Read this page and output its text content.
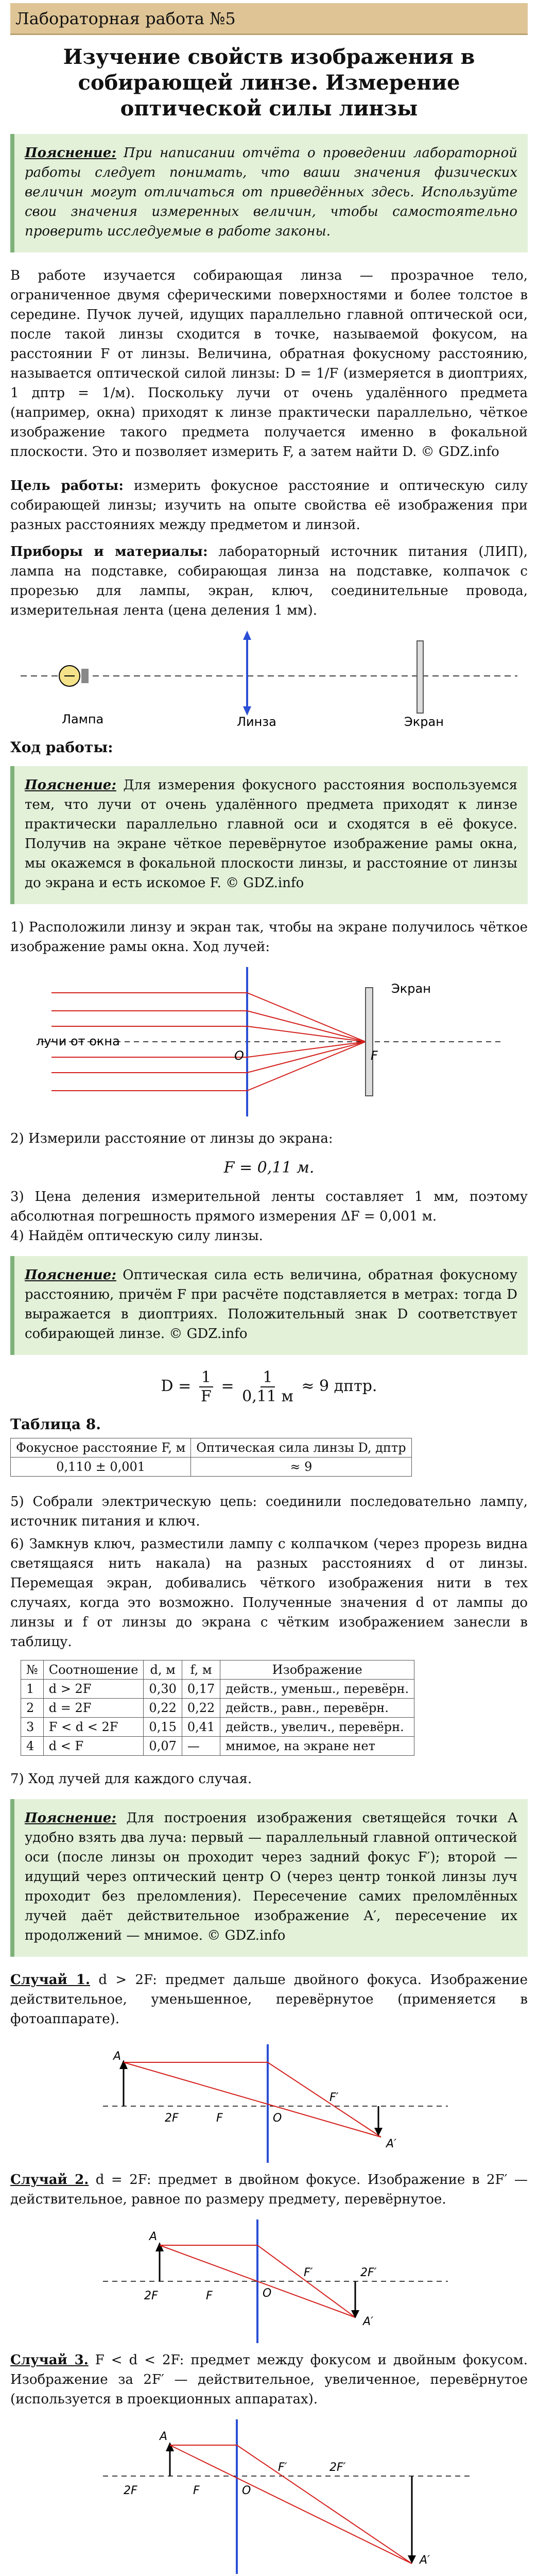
Лабораторная работа №5
Изучение свойств изображения в собирающей линзе. Измерение оптической силы линзы

Пояснение: При написании отчёта о проведении лабораторной работы следует понимать, что ваши значения физических величин могут отличаться от приведённых здесь. Используйте свои значения измеренных величин, чтобы самостоятельно проверить исследуемые в работе законы.

В работе изучается собирающая линза — прозрачное тело, ограниченное двумя сферическими поверхностями и более толстое в середине. Пучок лучей, идущих параллельно главной оптической оси, после такой линзы сходится в точке, называемой фокусом, на расстоянии F от линзы. Величина, обратная фокусному расстоянию, называется оптической силой линзы: D = 1/F (измеряется в диоптриях, 1 дптр = 1/м). Поскольку лучи от очень удалённого предмета (например, окна) приходят к линзе практически параллельно, чёткое изображение такого предмета получается именно в фокальной плоскости. Это и позволяет измерить F, а затем найти D. © GDZ.info

Цель работы: измерить фокусное расстояние и оптическую силу собирающей линзы; изучить на опыте свойства её изображения при разных расстояниях между предметом и линзой.

Приборы и материалы: лабораторный источник питания (ЛИП), лампа на подставке, собирающая линза на подставке, колпачок с прорезью для лампы, экран, ключ, соединительные провода, измерительная лента (цена деления 1 мм).

Лампа	Линза	Экран
Ход работы:

Пояснение: Для измерения фокусного расстояния воспользуемся тем, что лучи от очень удалённого предмета приходят к линзе практически параллельно главной оси и сходятся в её фокусе. Получив на экране чёткое перевёрнутое изображение рамы окна, мы окажемся в фокальной плоскости линзы, и расстояние от линзы до экрана и есть искомое F. © GDZ.info

1) Расположили линзу и экран так, чтобы на экране получилось чёткое изображение рамы окна. Ход лучей:

Экран
лучи от окна
O	F

2) Измерили расстояние от линзы до экрана:

F = 0,11 м.

3) Цена деления измерительной ленты составляет 1 мм, поэтому абсолютная погрешность прямого измерения ΔF = 0,001 м.

4) Найдём оптическую силу линзы.

Пояснение: Оптическая сила есть величина, обратная фокусному расстоянию, причём F при расчёте подставляется в метрах: тогда D выражается в диоптриях. Положительный знак D соответствует собирающей линзе. © GDZ.info

$D = \frac{1}{F} = \frac{1}{0,11 м} \approx 9$ дптр.
Таблица 8.
Фокусное расстояние F, м	Оптическая сила линзы D, дптр
0,110 ± 0,001	≈ 9

5) Собрали электрическую цепь: соединили последовательно лампу, источник питания и ключ.

6) Замкнув ключ, разместили лампу с колпачком (через прорезь видна светящаяся нить накала) на разных расстояниях d от линзы. Перемещая экран, добивались чёткого изображения нити в тех случаях, когда это возможно. Полученные значения d от лампы до линзы и f от линзы до экрана с чётким изображением занесли в таблицу.

№	Соотношение	d, м	f, м	Изображение
1	d > 2F	0,30	0,17	действ., уменьш., перевёрн.
2	d = 2F	0,22	0,22	действ., равн., перевёрн.
3	F < d < 2F	0,15	0,41	действ., увелич., перевёрн.
4	d < F	0,07	—	мнимое, на экране нет

7) Ход лучей для каждого случая.

Пояснение: Для построения изображения светящейся точки A удобно взять два луча: первый — параллельный главной оптической оси (после линзы он проходит через задний фокус F′); второй — идущий через оптический центр O (через центр тонкой линзы луч проходит без преломления). Пересечение самих преломлённых лучей даёт действительное изображение A′, пересечение их продолжений — мнимое. © GDZ.info

Случай 1. d > 2F: предмет дальше двойного фокуса. Изображение действительное, уменьшенное, перевёрнутое (применяется в фотоаппарате).

A
2F	F	O
F′
A′

Случай 2. d = 2F: предмет в двойном фокусе. Изображение в 2F′ — действительное, равное по размеру предмету, перевёрнутое.

A
2F	F	O
F′	2F′
A′

Случай 3. F < d < 2F: предмет между фокусом и двойным фокусом. Изображение за 2F′ — действительное, увеличенное, перевёрнутое (используется в проекционных аппаратах).

A
2F	F	O
F′	2F′
A′
